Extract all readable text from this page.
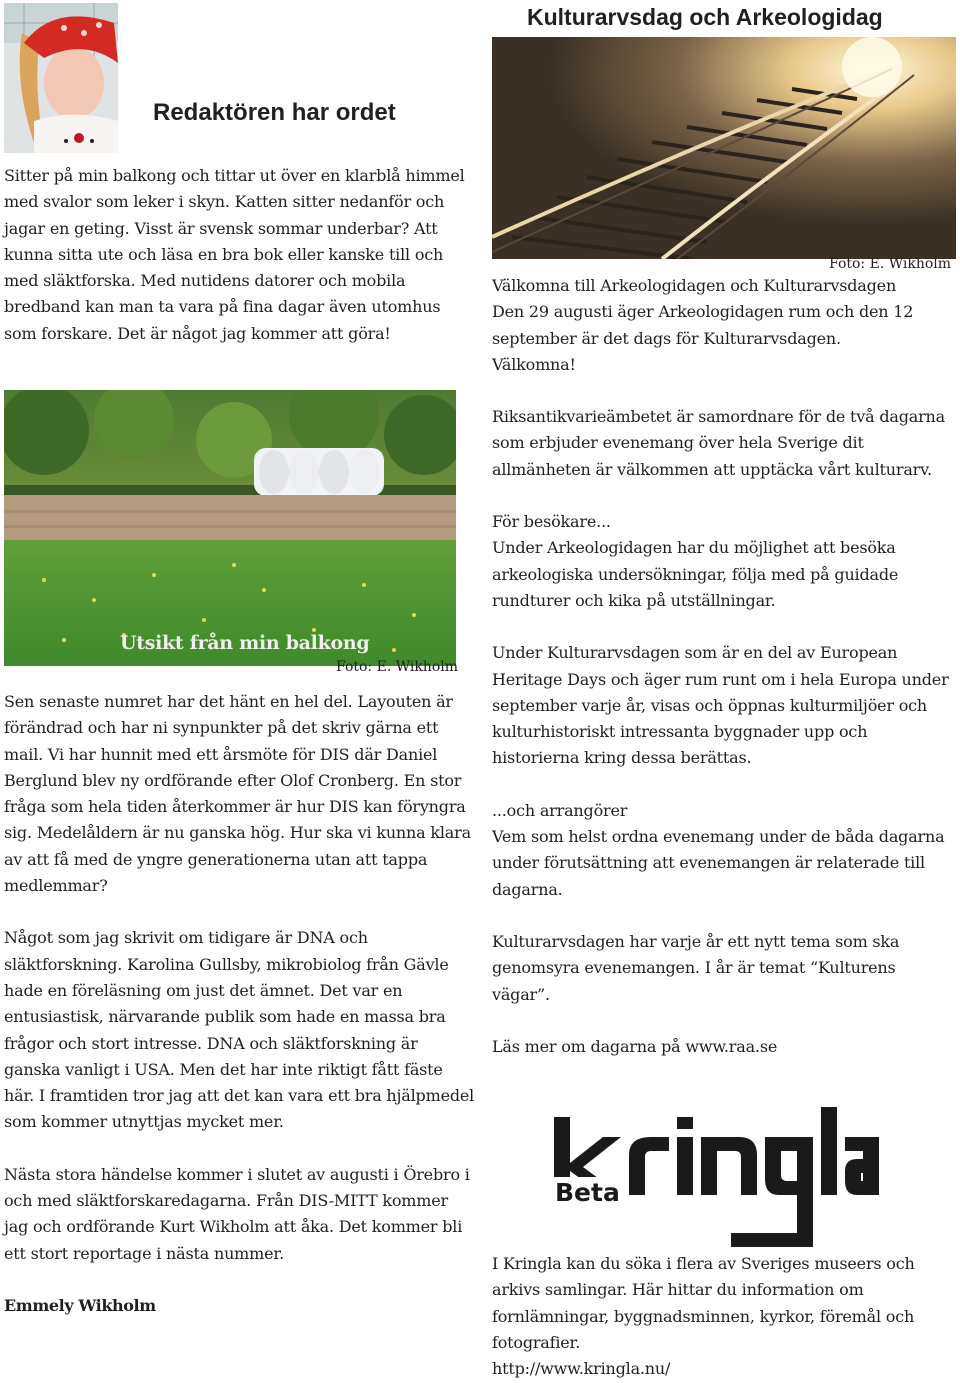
Redaktören har ordet
Sitter på min balkong och tittar ut över en klarblå himmel med svalor som leker i skyn. Katten sitter nedanför och jagar en geting. Visst är svensk sommar underbar? Att kunna sitta ute och läsa en bra bok eller kanske till och med släktforska. Med nutidens datorer och mobila bredband kan man ta vara på fina dagar även utomhus som forskare. Det är något jag kommer att göra!
Utsikt från min balkong
Foto: E. Wikholm

Sen senaste numret har det hänt en hel del. Layouten är förändrad och har ni synpunkter på det skriv gärna ett mail. Vi har hunnit med ett årsmöte för DIS där Daniel Berglund blev ny ordförande efter Olof Cronberg. En stor fråga som hela tiden återkommer är hur DIS kan föryngra sig. Medelåldern är nu ganska hög. Hur ska vi kunna klara av att få med de yngre generationerna utan att tappa medlemmar?

Något som jag skrivit om tidigare är DNA och släktforskning. Karolina Gullsby, mikrobiolog från Gävle hade en föreläsning om just det ämnet. Det var en entusiastisk, närvarande publik som hade en massa bra frågor och stort intresse. DNA och släktforskning är ganska vanligt i USA. Men det har inte riktigt fått fäste här. I framtiden tror jag att det kan vara ett bra hjälpmedel som kommer utnyttjas mycket mer.

Nästa stora händelse kommer i slutet av augusti i Örebro i och med släktforskaredagarna. Från DIS-MITT kommer jag och ordförande Kurt Wikholm att åka. Det kommer bli ett stort reportage i nästa nummer.

Emmely Wikholm

Kulturarvsdag och Arkeologidag
Foto: E. Wikholm

Välkomna till Arkeologidagen och Kulturarvsdagen

Den 29 augusti äger Arkeologidagen rum och den 12 september är det dags för Kulturarvsdagen.

Välkomna!

Riksantikvarieämbetet är samordnare för de två dagarna som erbjuder evenemang över hela Sverige dit allmänheten är välkommen att upptäcka vårt kulturarv.

För besökare...

Under Arkeologidagen har du möjlighet att besöka arkeologiska undersökningar, följa med på guidade rundturer och kika på utställningar.

Under Kulturarvsdagen som är en del av European Heritage Days och äger rum runt om i hela Europa under september varje år, visas och öppnas kulturmiljöer och kulturhistoriskt intressanta byggnader upp och historierna kring dessa berättas.

...och arrangörer

Vem som helst ordna evenemang under de båda dagarna under förutsättning att evenemangen är relaterade till dagarna.

Kulturarvsdagen har varje år ett nytt tema som ska genomsyra evenemangen. I år är temat “Kulturens vägar”.

Läs mer om dagarna på www.raa.se

Beta

I Kringla kan du söka i flera av Sveriges museers och arkivs samlingar. Här hittar du information om fornlämningar, byggnadsminnen, kyrkor, föremål och fotografier.

http://www.kringla.nu/
